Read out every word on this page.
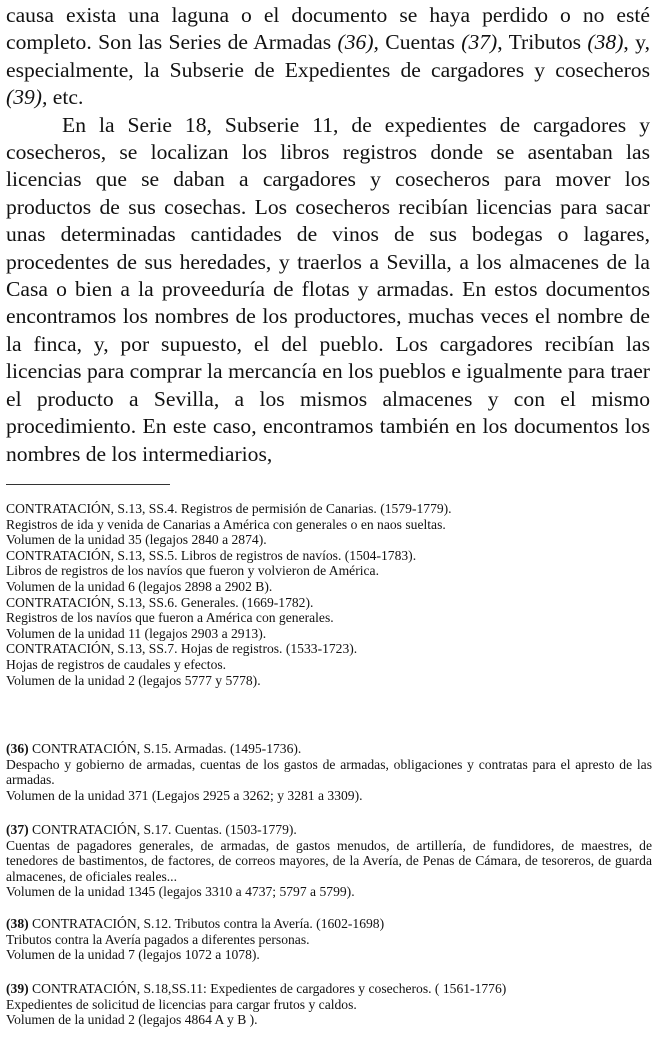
causa exista una laguna o el documento se haya perdido o no esté completo. Son las Series de Armadas (36), Cuentas (37), Tributos (38), y, especialmente, la Subserie de Expedientes de cargadores y cosecheros (39), etc.

En la Serie 18, Subserie 11, de expedientes de cargadores y cosecheros, se localizan los libros registros donde se asentaban las licencias que se daban a cargadores y cosecheros para mover los productos de sus cosechas. Los cosecheros recibían licencias para sacar unas determinadas cantidades de vinos de sus bodegas o lagares, procedentes de sus heredades, y traerlos a Sevilla, a los almacenes de la Casa o bien a la proveeduría de flotas y armadas. En estos documentos encontramos los nombres de los productores, muchas veces el nombre de la finca, y, por supuesto, el del pueblo. Los cargadores recibían las licencias para comprar la mercancía en los pueblos e igualmente para traer el producto a Sevilla, a los mismos almacenes y con el mismo procedimiento. En este caso, encontramos también en los documentos los nombres de los intermediarios,

CONTRATACIÓN, S.13, SS.4. Registros de permisión de Canarias. (1579-1779).
Registros de ida y venida de Canarias a América con generales o en naos sueltas.
Volumen de la unidad 35 (legajos 2840 a 2874).
CONTRATACIÓN, S.13, SS.5. Libros de registros de navíos. (1504-1783).
Libros de registros de los navíos que fueron y volvieron de América.
Volumen de la unidad 6 (legajos 2898 a 2902 B).
CONTRATACIÓN, S.13, SS.6. Generales. (1669-1782).
Registros de los navíos que fueron a América con generales.
Volumen de la unidad 11 (legajos 2903 a 2913).
CONTRATACIÓN, S.13, SS.7. Hojas de registros. (1533-1723).
Hojas de registros de caudales y efectos.
Volumen de la unidad 2 (legajos 5777 y 5778).
(36) CONTRATACIÓN, S.15. Armadas. (1495-1736).
Despacho y gobierno de armadas, cuentas de los gastos de armadas, obligaciones y contratas para el apresto de las armadas.
Volumen de la unidad 371 (Legajos 2925 a 3262; y 3281 a 3309).
(37) CONTRATACIÓN, S.17. Cuentas. (1503-1779).
Cuentas de pagadores generales, de armadas, de gastos menudos, de artillería, de fundidores, de maestres, de tenedores de bastimentos, de factores, de correos mayores, de la Avería, de Penas de Cámara, de tesoreros, de guarda almacenes, de oficiales reales...
Volumen de la unidad 1345 (legajos 3310 a 4737; 5797 a 5799).
(38) CONTRATACIÓN, S.12. Tributos contra la Avería. (1602-1698)
Tributos contra la Avería pagados a diferentes personas.
Volumen de la unidad 7 (legajos 1072 a 1078).
(39) CONTRATACIÓN, S.18,SS.11: Expedientes de cargadores y cosecheros. ( 1561-1776)
Expedientes de solicitud de licencias para cargar frutos y caldos.
Volumen de la unidad 2 (legajos 4864 A y B ).
